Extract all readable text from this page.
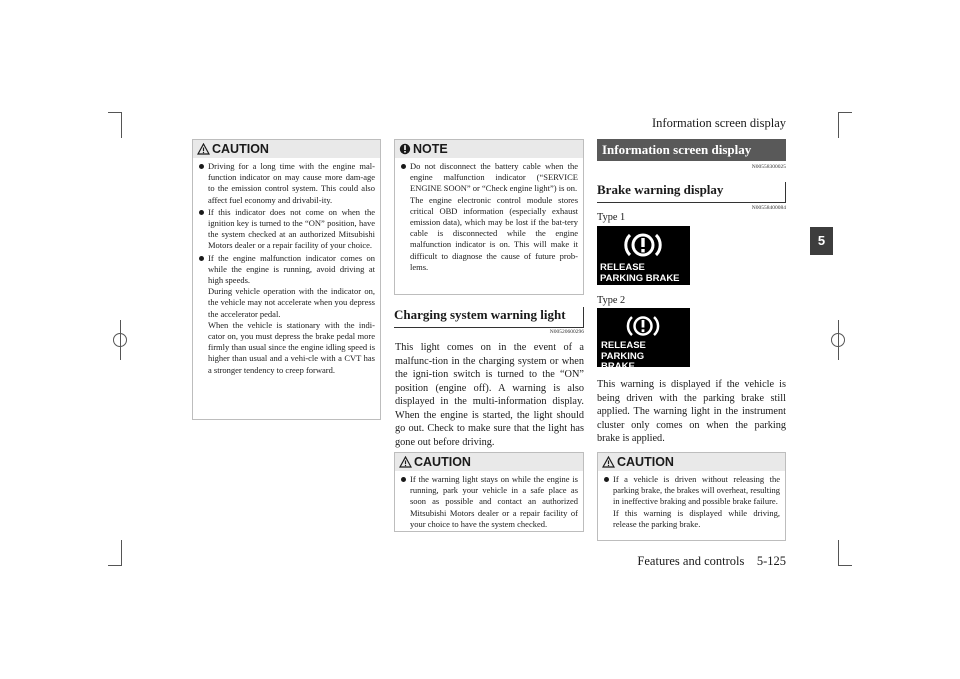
Information screen display
Features and controls    5-125
5
CAUTION

Driving for a long time with the engine mal-function indicator on may cause more dam-age to the emission control system. This could also affect fuel economy and drivabil-ity.

If this indicator does not come on when the ignition key is turned to the “ON” position, have the system checked at an authorized Mitsubishi Motors dealer or a repair facility of your choice.

If the engine malfunction indicator comes on while the engine is running, avoid driving at high speeds.

During vehicle operation with the indicator on, the vehicle may not accelerate when you depress the accelerator pedal.

When the vehicle is stationary with the indi-cator on, you must depress the brake pedal more firmly than usual since the engine idling speed is higher than usual and a vehi-cle with a CVT has a stronger tendency to creep forward.

NOTE

Do not disconnect the battery cable when the engine malfunction indicator (“SERVICE ENGINE SOON” or “Check engine light”) is on.

The engine electronic control module stores critical OBD information (especially exhaust emission data), which may be lost if the bat-tery cable is disconnected while the engine malfunction indicator is on. This will make it difficult to diagnose the cause of future prob-lems.

Charging system warning light
N00520600296
This light comes on in the event of a malfunc-tion in the charging system or when the igni-tion switch is turned to the “ON” position (engine off). A warning is also displayed in the multi-information display. When the engine is started, the light should go out. Check to make sure that the light has gone out before driving.
CAUTION

If the warning light stays on while the engine is running, park your vehicle in a safe place as soon as possible and contact an authorized Mitsubishi Motors dealer or a repair facility of your choice to have the system checked.

Information screen display
N00558300025
Brake warning display
N00558400084
Type 1
RELEASE
PARKING BRAKE
Type 2
RELEASE PARKING
BRAKE
This warning is displayed if the vehicle is being driven with the parking brake still applied. The warning light in the instrument cluster only comes on when the parking brake is applied.
CAUTION

If a vehicle is driven without releasing the parking brake, the brakes will overheat, resulting in ineffective braking and possible brake failure.

If this warning is displayed while driving, release the parking brake.
